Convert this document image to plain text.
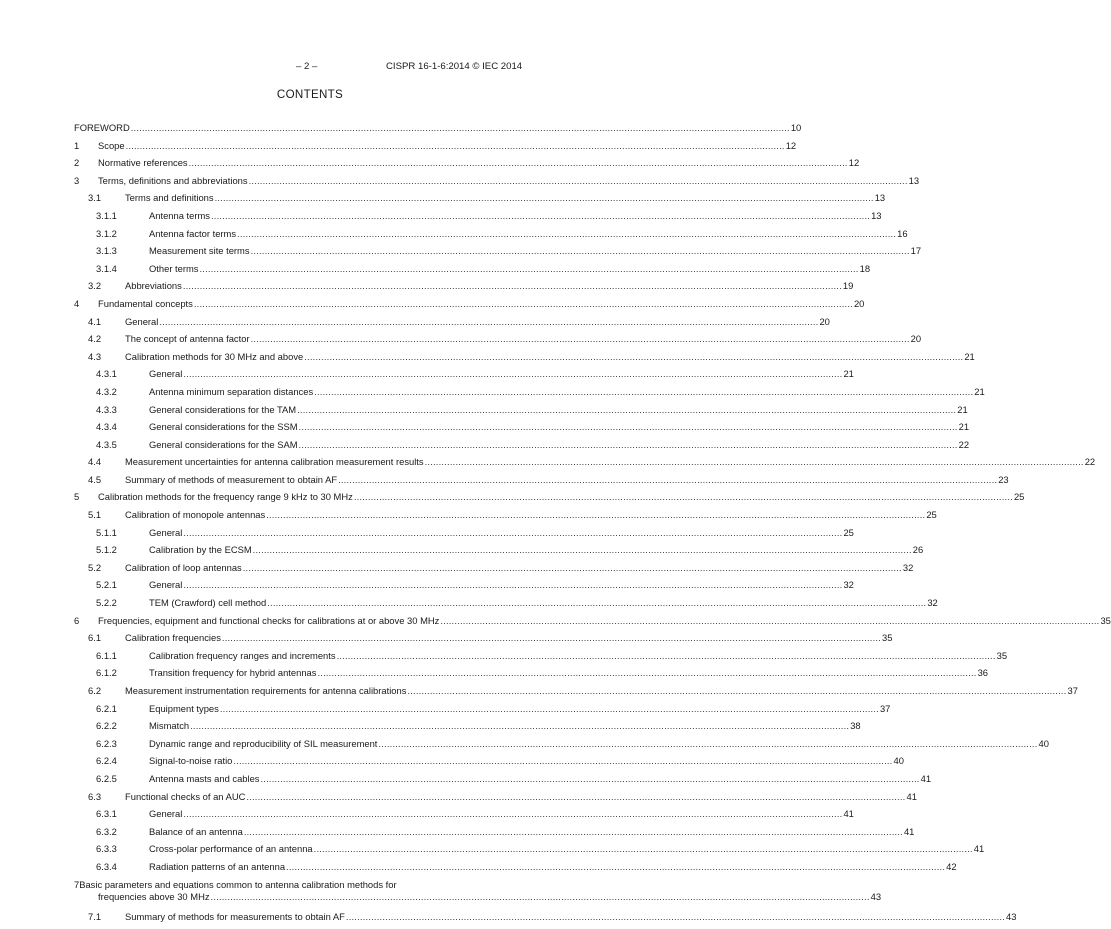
– 2 –	CISPR 16-1-6:2014 © IEC 2014
CONTENTS
FOREWORD .....	10
1	Scope .....	12
2	Normative references .....	12
3	Terms, definitions and abbreviations .....	13
3.1	Terms and definitions .....	13
3.1.1	Antenna terms .....	13
3.1.2	Antenna factor terms .....	16
3.1.3	Measurement site terms .....	17
3.1.4	Other terms .....	18
3.2	Abbreviations .....	19
4	Fundamental concepts .....	20
4.1	General .....	20
4.2	The concept of antenna factor .....	20
4.3	Calibration methods for 30 MHz and above .....	21
4.3.1	General .....	21
4.3.2	Antenna minimum separation distances .....	21
4.3.3	General considerations for the TAM .....	21
4.3.4	General considerations for the SSM .....	21
4.3.5	General considerations for the SAM .....	22
4.4	Measurement uncertainties for antenna calibration measurement results .....	22
4.5	Summary of methods of measurement to obtain AF .....	23
5	Calibration methods for the frequency range 9 kHz to 30 MHz .....	25
5.1	Calibration of monopole antennas .....	25
5.1.1	General .....	25
5.1.2	Calibration by the ECSM .....	26
5.2	Calibration of loop antennas .....	32
5.2.1	General .....	32
5.2.2	TEM (Crawford) cell method .....	32
6	Frequencies, equipment and functional checks for calibrations at or above 30 MHz .....	35
6.1	Calibration frequencies .....	35
6.1.1	Calibration frequency ranges and increments .....	35
6.1.2	Transition frequency for hybrid antennas .....	36
6.2	Measurement instrumentation requirements for antenna calibrations .....	37
6.2.1	Equipment types .....	37
6.2.2	Mismatch .....	38
6.2.3	Dynamic range and reproducibility of SIL measurement .....	40
6.2.4	Signal-to-noise ratio .....	40
6.2.5	Antenna masts and cables .....	41
6.3	Functional checks of an AUC .....	41
6.3.1	General .....	41
6.3.2	Balance of an antenna .....	41
6.3.3	Cross-polar performance of an antenna .....	41
6.3.4	Radiation patterns of an antenna .....	42
7Basic parameters and equations common to antenna calibration methods for
frequencies above 30 MHz .....	43
7.1	Summary of methods for measurements to obtain AF .....	43
